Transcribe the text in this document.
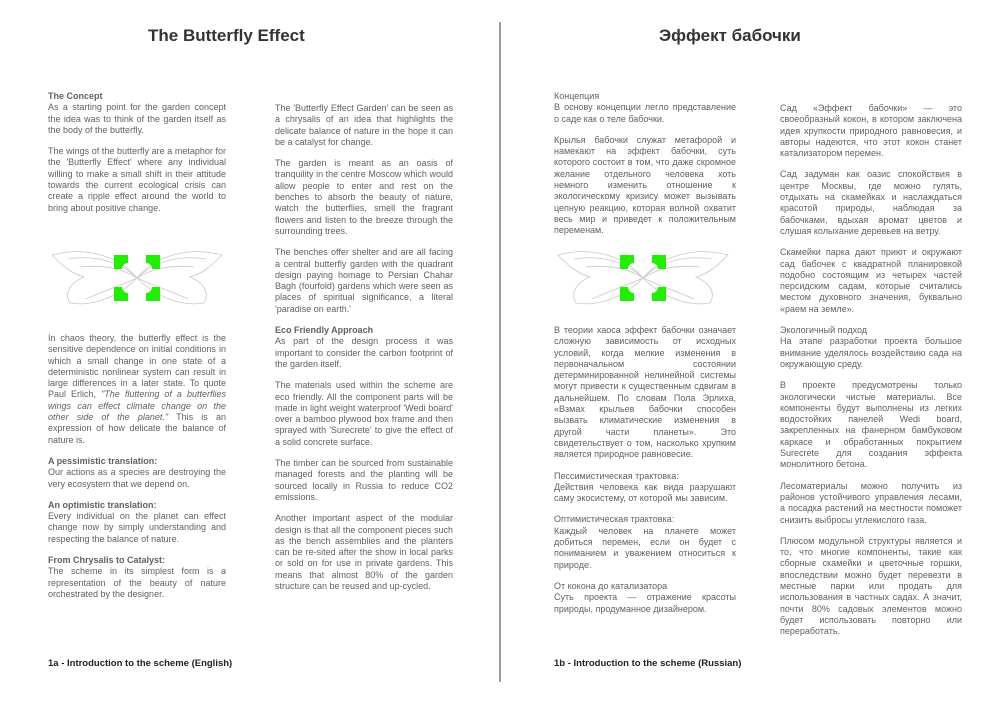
The Butterfly Effect

The Concept
As a starting point for the garden concept the idea was to think of the garden itself as the body of the butterfly.

The wings of the butterfly are a metaphor for the 'Butterfly Effect' where any individual willing to make a small shift in their attitude towards the current ecological crisis can create a ripple effect around the world to bring about positive change.

In chaos theory, the butterfly effect is the sensitive dependence on initial conditions in which a small change in one state of a deterministic nonlinear system can result in large differences in a later state. To quote Paul Erlich, "The fluttering of a butterflies wings can effect climate change on the other side of the planet." This is an expression of how delicate the balance of nature is.

A pessimistic translation:
Our actions as a species are destroying the very ecosystem that we depend on.

An optimistic translation:
Every individual on the planet can effect change now by simply understanding and respecting the balance of nature.

From Chrysalis to Catalyst:
The scheme in its simplest form is a representation of the beauty of nature orchestrated by the designer.

The 'Butterfly Effect Garden' can be seen as a chrysalis of an idea that highlights the delicate balance of nature in the hope it can be a catalyst for change.

The garden is meant as an oasis of tranquility in the centre Moscow which would allow people to enter and rest on the benches to absorb the beauty of nature, watch the butterflies, smell the fragrant flowers and listen to the breeze through the surrounding trees.

The benches offer shelter and are all facing a central butterfly garden with the quadrant design paying homage to Persian Chahar Bagh (fourfold) gardens which were seen as places of spiritual significance, a literal 'paradise on earth.'

Eco Friendly Approach
As part of the design process it was important to consider the carbon footprint of the garden itself.

The materials used within the scheme are eco friendly. All the component parts will be made in light weight waterproof 'Wedi board' over a bamboo plywood box frame and then sprayed with 'Surecrete' to give the effect of a solid concrete surface.

The timber can be sourced from sustainable managed forests and the planting will be sourced locally in Russia to reduce CO2 emissions.

Another important aspect of the modular design is that all the component pieces such as the bench assemblies and the planters can be re-sited after the show in local parks or sold on for use in private gardens. This means that almost 80% of the garden structure can be reused and up-cycled.

1a - Introduction to the scheme (English)
Эффект бабочки

Концепция
В основу концепции легло представление о саде как о теле бабочки.

Крылья бабочки служат метафорой и намекают на эффект бабочки, суть которого состоит в том, что даже скромное желание отдельного человека хоть немного изменить отношение к экологическому кризису может вызывать цепную реакцию, которая волной охватит весь мир и приведет к положительным переменам.

В теории хаоса эффект бабочки означает сложную зависимость от исходных условий, когда мелкие изменения в первоначальном состоянии детерминированной нелинейной системы могут привести к существенным сдвигам в дальнейшем. По словам Пола Эрлиха, «Взмах крыльев бабочки способен вызвать климатические изменения в другой части планеты». Это свидетельствует о том, насколько хрупким является природное равновесие.

Пессимистическая трактовка:
Действия человека как вида разрушают саму экосистему, от которой мы зависим.

Оптимистическая трактовка:
Каждый человек на планете может добиться перемен, если он будет с пониманием и уважением относиться к природе.

От кокона до катализатора
Суть проекта — отражение красоты природы, продуманное дизайнером.

Сад «Эффект бабочки» — это своеобразный кокон, в котором заключена идея хрупкости природного равновесия, и авторы надеются, что этот кокон станет катализатором перемен.

Сад задуман как оазис спокойствия в центре Москвы, где можно гулять, отдыхать на скамейках и наслаждаться красотой природы, наблюдая за бабочками, вдыхая аромат цветов и слушая колыхание деревьев на ветру.

Скамейки парка дают приют и окружают сад бабочек с квадратной планировкой подобно состоящим из четырех частей персидским садам, которые считались местом духовного значения, буквально «раем на земле».

Экологичный подход
На этапе разработки проекта большое внимание уделялось воздействию сада на окружающую среду.

В проекте предусмотрены только экологически чистые материалы. Все компоненты будут выполнены из легких водостойких панелей Wedi board, закрепленных на фанерном бамбуковом каркасе и обработанных покрытием Surecrete для создания эффекта монолитного бетона.

Лесоматериалы можно получить из районов устойчивого управления лесами, а посадка растений на местности поможет снизить выбросы углекислого газа.

Плюсом модульной структуры является и то, что многие компоненты, такие как сборные скамейки и цветочные горшки, впоследствии можно будет перевезти в местные парки или продать для использования в частных садах. А значит, почти 80% садовых элементов можно будет использовать повторно или переработать.

1b - Introduction to the scheme (Russian)
